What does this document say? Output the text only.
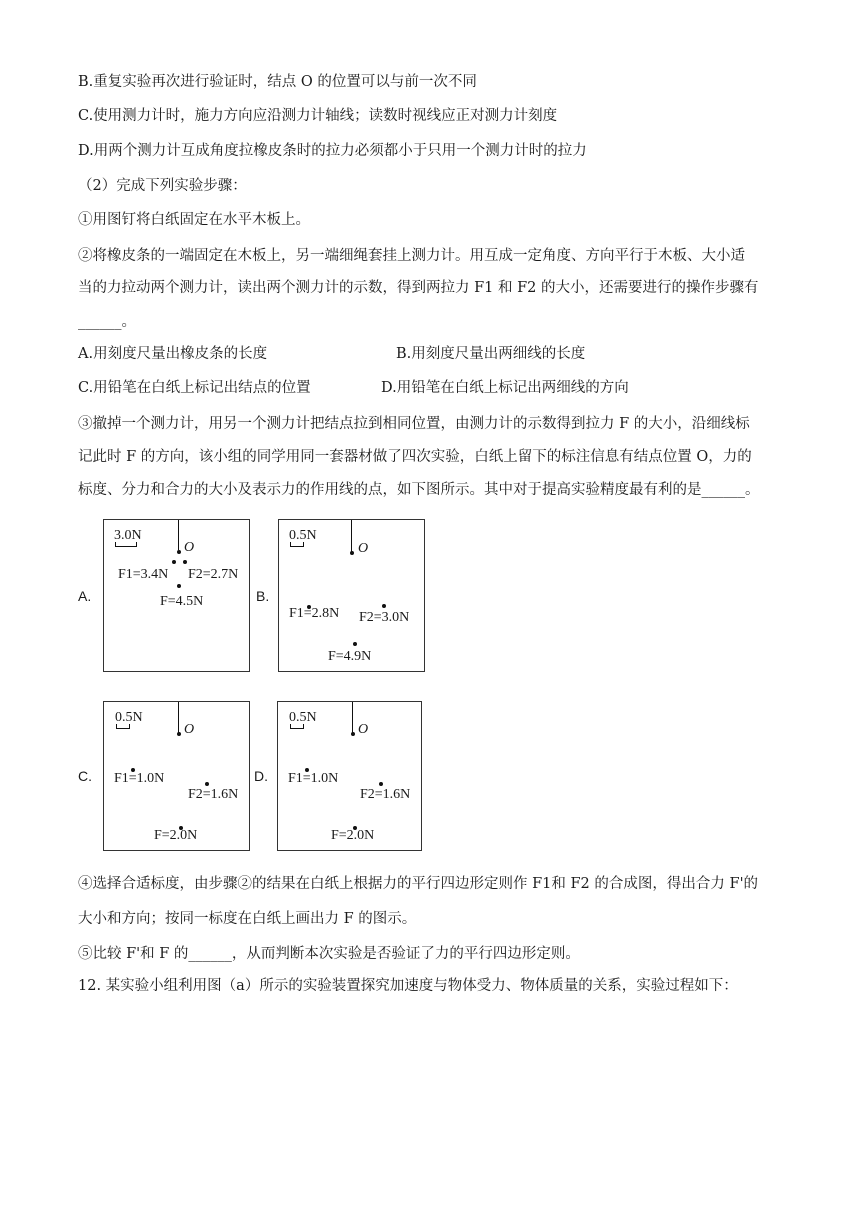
B.重复实验再次进行验证时，结点 O 的位置可以与前一次不同
C.使用测力计时，施力方向应沿测力计轴线；读数时视线应正对测力计刻度
D.用两个测力计互成角度拉橡皮条时的拉力必须都小于只用一个测力计时的拉力
（2）完成下列实验步骤：
①用图钉将白纸固定在水平木板上。
②将橡皮条的一端固定在木板上，另一端细绳套挂上测力计。用互成一定角度、方向平行于木板、大小适
当的力拉动两个测力计，读出两个测力计的示数，得到两拉力 F1 和 F2 的大小，还需要进行的操作步骤有
______。
A.用刻度尺量出橡皮条的长度	B.用刻度尺量出两细线的长度
C.用铅笔在白纸上标记出结点的位置	D.用铅笔在白纸上标记出两细线的方向
③撤掉一个测力计，用另一个测力计把结点拉到相同位置，由测力计的示数得到拉力 F 的大小，沿细线标
记此时 F 的方向，该小组的同学用同一套器材做了四次实验，白纸上留下的标注信息有结点位置 O，力的
标度、分力和合力的大小及表示力的作用线的点，如下图所示。其中对于提高实验精度最有利的是______。
A.
3.0N
O
F1=3.4N F2=2.7N
F=4.5N	B.
0.5N
O
F1=2.8N F2=3.0N
F=4.9N
C.
0.5N
O
F1=1.0N
F2=1.6N
F=2.0N
D.
0.5N
O
F1=1.0N
F2=1.6N
F=2.0N
④选择合适标度，由步骤②的结果在白纸上根据力的平行四边形定则作 F1和 F2 的合成图，得出合力 F'的
大小和方向；按同一标度在白纸上画出力 F 的图示。
⑤比较 F'和 F 的______，从而判断本次实验是否验证了力的平行四边形定则。
12. 某实验小组利用图（a）所示的实验装置探究加速度与物体受力、物体质量的关系，实验过程如下：
